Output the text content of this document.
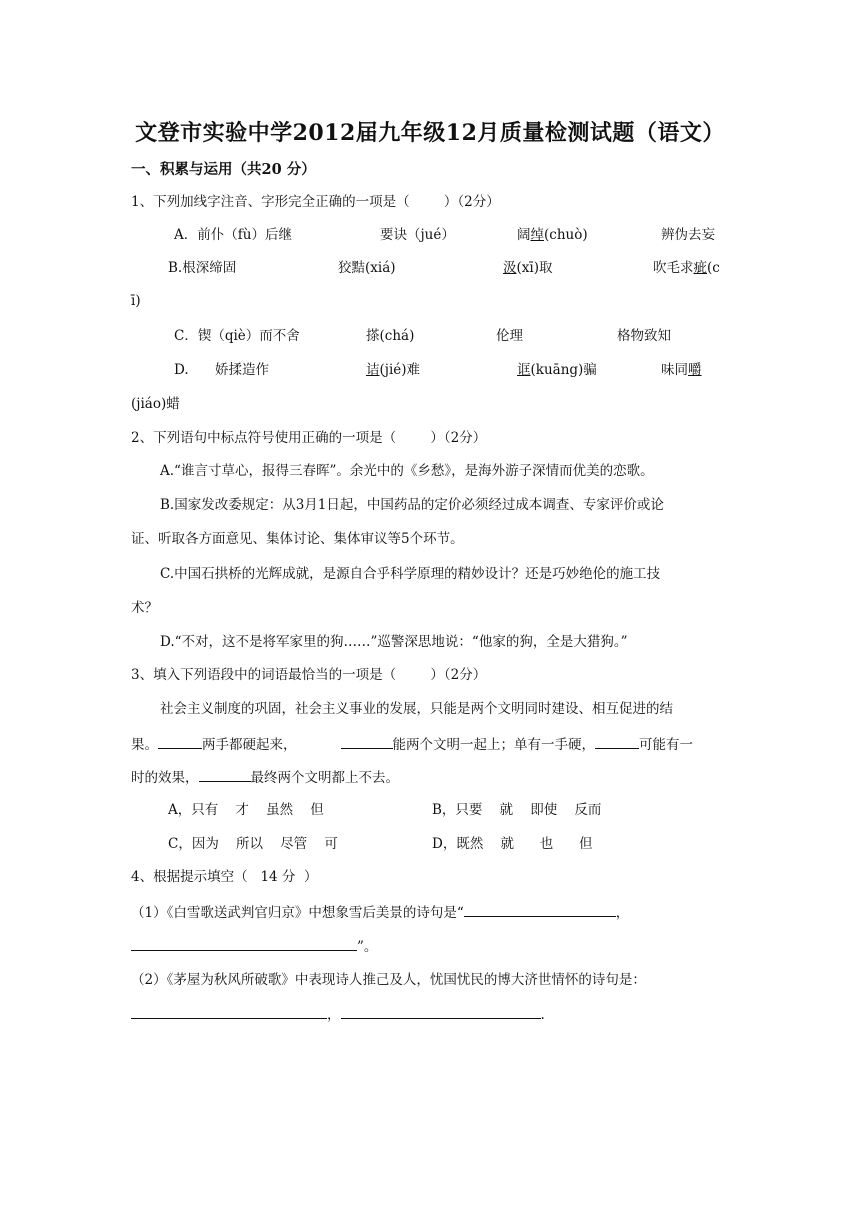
文登市实验中学2012届九年级12月质量检测试题（语文）
一、积累与运用（共20 分）
1、下列加线字注音、字形完全正确的一项是（        ）（2分）
A．前仆（fù）后继	要诀（jué）	阔绰(chuò)	辨伪去妄
B.根深缔固	狡黠(xiá)	汲(xī)取	吹毛求疵(c
ī)
C．锲（qiè）而不舍	搽(chá)	伦理	格物致知
D. 娇揉造作	诘(jié)难	诓(kuāng)骗	味同嚼
(jiáo)蜡
2、下列语句中标点符号使用正确的一项是（        ）（2分）
A.“谁言寸草心，报得三春晖”。余光中的《乡愁》，是海外游子深情而优美的恋歌。
B.国家发改委规定：从3月1日起，中国药品的定价必须经过成本调查、专家评价或论
证、听取各方面意见、集体讨论、集体审议等5个环节。
C.中国石拱桥的光辉成就，是源自合乎科学原理的精妙设计？还是巧妙绝伦的施工技
术？
D.“不对，这不是将军家里的狗……”巡警深思地说：“他家的狗，全是大猎狗。”
3、填入下列语段中的词语最恰当的一项是（        ）（2分）
社会主义制度的巩固，社会主义事业的发展，只能是两个文明同时建设、相互促进的结
果。	两手都硬起来，	能两个文明一起上；单有一手硬，	可能有一
时的效果，	最终两个文明都上不去。
A，只有    才    虽然    但	B，只要    就    即使    反而
C，因为    所以    尽管    可	D，既然    就      也      但
4、根据提示填空（   14 分  ）
（1）《白雪歌送武判官归京》中想象雪后美景的诗句是“	，
”。
（2）《茅屋为秋风所破歌》中表现诗人推己及人，忧国忧民的博大济世情怀的诗句是：
，	.
